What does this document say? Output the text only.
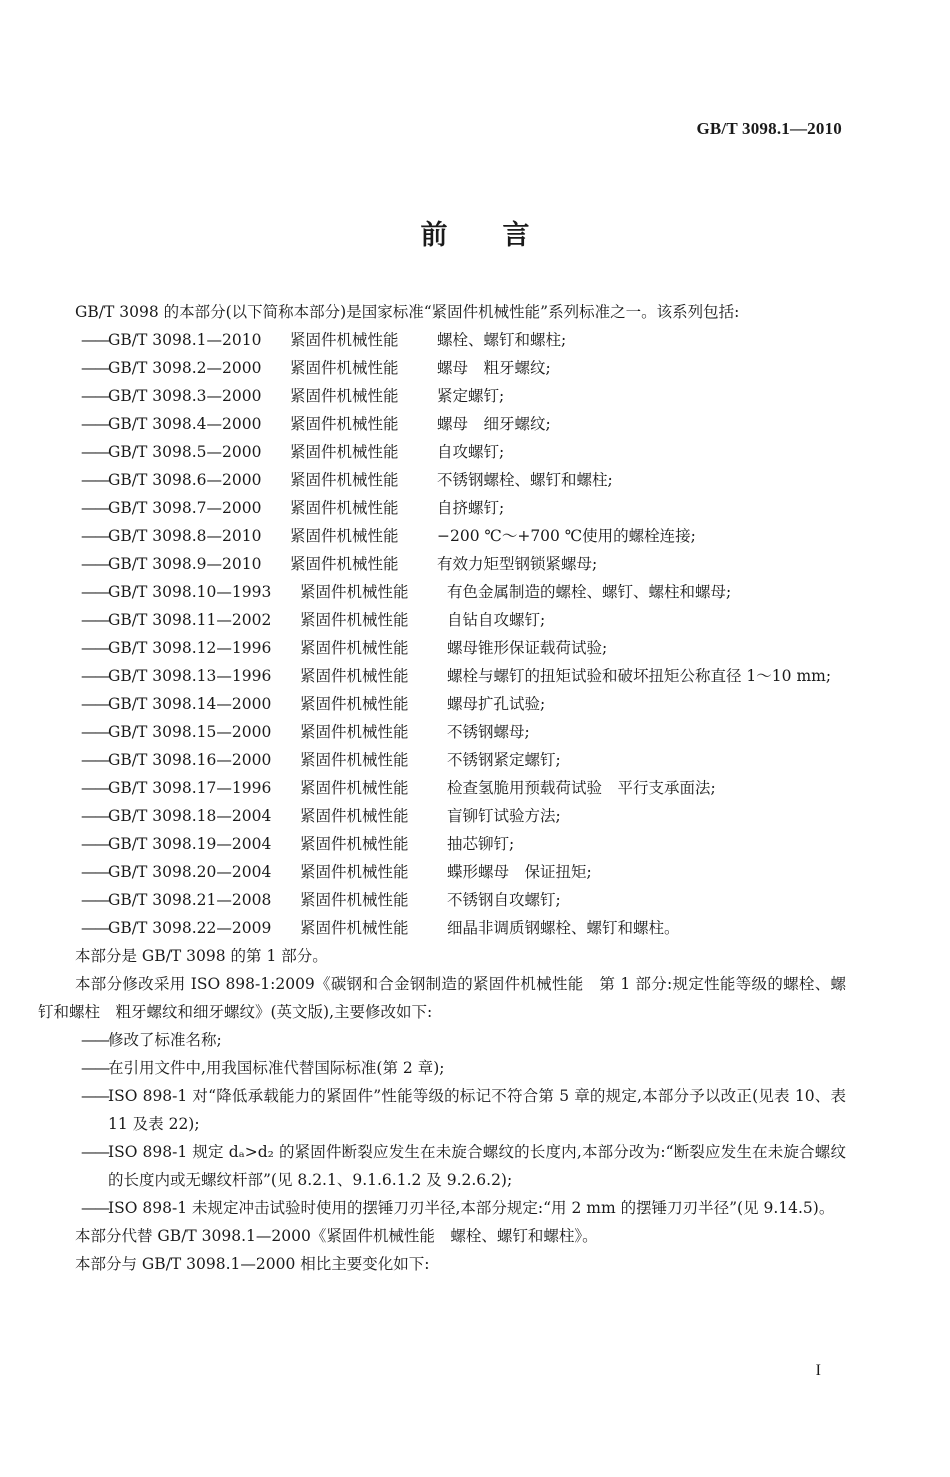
GB/T 3098.1—2010
前言

GB/T 3098 的本部分(以下简称本部分)是国家标准“紧固件机械性能”系列标准之一。该系列包括:

—— GB/T 3098.1—2010	紧固件机械性能	螺栓、螺钉和螺柱;
—— GB/T 3098.2—2000	紧固件机械性能	螺母　粗牙螺纹;
—— GB/T 3098.3—2000	紧固件机械性能	紧定螺钉;
—— GB/T 3098.4—2000	紧固件机械性能	螺母　细牙螺纹;
—— GB/T 3098.5—2000	紧固件机械性能	自攻螺钉;
—— GB/T 3098.6—2000	紧固件机械性能	不锈钢螺栓、螺钉和螺柱;
—— GB/T 3098.7—2000	紧固件机械性能	自挤螺钉;
—— GB/T 3098.8—2010	紧固件机械性能	−200 ℃～+700 ℃使用的螺栓连接;
—— GB/T 3098.9—2010	紧固件机械性能	有效力矩型钢锁紧螺母;
—— GB/T 3098.10—1993	紧固件机械性能	有色金属制造的螺栓、螺钉、螺柱和螺母;
—— GB/T 3098.11—2002	紧固件机械性能	自钻自攻螺钉;
—— GB/T 3098.12—1996	紧固件机械性能	螺母锥形保证载荷试验;
—— GB/T 3098.13—1996	紧固件机械性能	螺栓与螺钉的扭矩试验和破坏扭矩公称直径 1～10 mm;
—— GB/T 3098.14—2000	紧固件机械性能	螺母扩孔试验;
—— GB/T 3098.15—2000	紧固件机械性能	不锈钢螺母;
—— GB/T 3098.16—2000	紧固件机械性能	不锈钢紧定螺钉;
—— GB/T 3098.17—1996	紧固件机械性能	检查氢脆用预载荷试验　平行支承面法;
—— GB/T 3098.18—2004	紧固件机械性能	盲铆钉试验方法;
—— GB/T 3098.19—2004	紧固件机械性能	抽芯铆钉;
—— GB/T 3098.20—2004	紧固件机械性能	蝶形螺母　保证扭矩;
—— GB/T 3098.21—2008	紧固件机械性能	不锈钢自攻螺钉;
—— GB/T 3098.22—2009	紧固件机械性能	细晶非调质钢螺栓、螺钉和螺柱。

本部分是 GB/T 3098 的第 1 部分。

本部分修改采用 ISO 898-1:2009《碳钢和合金钢制造的紧固件机械性能　第 1 部分:规定性能等级的螺栓、螺钉和螺柱　粗牙螺纹和细牙螺纹》(英文版),主要修改如下:

—— 修改了标准名称;
—— 在引用文件中,用我国标准代替国际标准(第 2 章);
—— ISO 898-1 对“降低承载能力的紧固件”性能等级的标记不符合第 5 章的规定,本部分予以改正(见表 10、表 11 及表 22);
—— ISO 898-1 规定 dₐ>d₂ 的紧固件断裂应发生在未旋合螺纹的长度内,本部分改为:“断裂应发生在未旋合螺纹的长度内或无螺纹杆部”(见 8.2.1、9.1.6.1.2 及 9.2.6.2);
—— ISO 898-1 未规定冲击试验时使用的摆锤刀刃半径,本部分规定:“用 2 mm 的摆锤刀刃半径”(见 9.14.5)。

本部分代替 GB/T 3098.1—2000《紧固件机械性能　螺栓、螺钉和螺柱》。

本部分与 GB/T 3098.1—2000 相比主要变化如下:

I
